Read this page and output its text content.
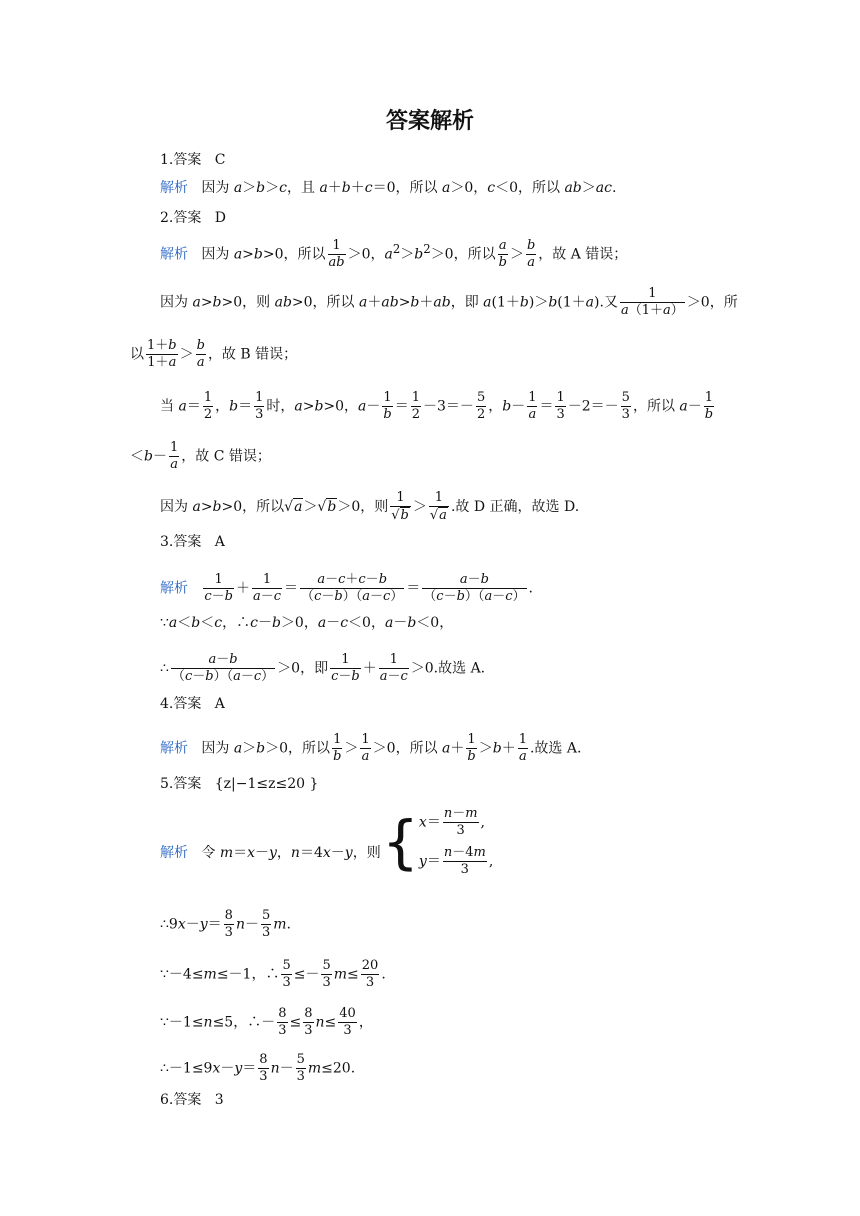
答案解析
1.答案 C
解析   因为 a＞b＞c，且 a＋b＋c＝0，所以 a＞0，c＜0，所以 ab＞ac.
2.答案 D
解析   因为 a>b>0，所以 $\frac{1}{ab} >0$，$a^2>b^2>0$，所以 $\frac{a}{b} > \frac{b}{a}$ ，故 A 错误；
因为 a>b>0，则 ab>0，所以 a＋ab>b＋ab，即 a(1＋b)＞b(1＋a).又 $\frac{1}{a(1+a)} >0$，所
以 $\frac{1+b}{1+a} > \frac{b}{a}$ ，故 B 错误；
当 $a= \frac{1}{2}$ ，$b= \frac{1}{3}$ 时，a>b>0，$a- \frac{1}{b} = \frac{1}{2} -3=- \frac{5}{2}$ ，$b- \frac{1}{a} = \frac{1}{3} -2=- \frac{5}{3}$ ，所以 $a- \frac{1}{b}$
$<b- \frac{1}{a}$ ，故 C 错误；
因为 a>b>0，所以√a＞√b＞0，则 $\frac{1}{√b} > \frac{1}{√a}$ .故 D 正确，故选 D.
3.答案 A
解析 $\frac{1}{c-b} + \frac{1}{a-c} = \frac{a-c+c-b}{(c-b)(a-c)} = \frac{a-b}{(c-b)(a-c)}$ .
∵a＜b＜c，∴c－b＞0，a－c＜0，a－b＜0，
∴ $\frac{a-b}{(c-b)(a-c)} >0$，即 $\frac{1}{c-b} + \frac{1}{a-c} >0$.故选 A.
4.答案 A
解析   因为 a＞b＞0，所以 $\frac{1}{b} > \frac{1}{a} >0$，所以 $a+ \frac{1}{b} >b+ \frac{1}{a}$ .故选 A.
5.答案 {z|−1≤z≤20 }
解析   令 m＝x－y，n＝4x－y，则 { $x= \frac{n-m}{3}$ ,
$y= \frac{n-4m}{3}$ ,
∴9x－y＝ $\frac{8}{3} n- \frac{5}{3} m$.
∵－4≤m≤－1，∴ $\frac{5}{3} \le- \frac{5}{3} m\le \frac{20}{3}$ .
∵－1≤n≤5，∴－ $\frac{8}{3} \le \frac{8}{3} n\le \frac{40}{3}$ ，
∴－1≤9x－y＝ $\frac{8}{3} n- \frac{5}{3} m\le 20$.
6.答案 3
